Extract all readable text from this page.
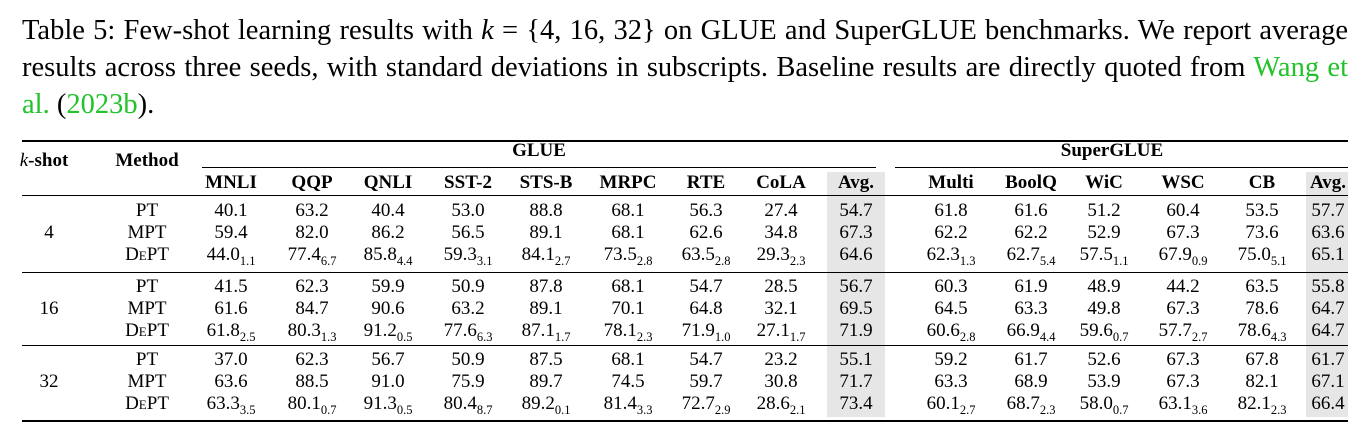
Table 5: Few-shot learning results with k = {4, 16, 32} on GLUE and SuperGLUE benchmarks. We report average results across three seeds, with standard deviations in subscripts. Baseline results are directly quoted from Wang et al. (2023b).
k-shot Method	GLUE	SuperGLUE
MNLI QQP QNLI SST-2 STS-B MRPC RTE CoLA Avg.	Multi BoolQ WiC WSC CB Avg.
4
PT	40.1	63.2 40.4 53.0 88.8	68.1 56.3 27.4 54.7	61.8 61.6 51.2 60.4 53.5 57.7
MPT	59.4	82.0 86.2 56.5 89.1	68.1 62.6 34.8 67.3	62.2 62.2 52.9 67.3 73.6 63.6
DePT $44.0_{1.1}$ $77.4_{6.7}$ $85.8_{4.4}$ $59.3_{3.1}$ $84.1_{2.7}$ $73.5_{2.8}$ $63.5_{2.8}$ $29.3_{2.3}$ 64.6	$62.3_{1.3}$ $62.7_{5.4}$ $57.5_{1.1}$ $67.9_{0.9}$ $75.0_{5.1}$ 65.1
16
PT	41.5	62.3 59.9 50.9 87.8	68.1 54.7 28.5 56.7	60.3 61.9 48.9 44.2 63.5 55.8
MPT	61.6	84.7 90.6 63.2 89.1	70.1 64.8 32.1 69.5	64.5 63.3 49.8 67.3 78.6 64.7
DePT $61.8_{2.5}$ $80.3_{1.3}$ $91.2_{0.5}$ $77.6_{6.3}$ $87.1_{1.7}$ $78.1_{2.3}$ $71.9_{1.0}$ $27.1_{1.7}$ 71.9	$60.6_{2.8}$ $66.9_{4.4}$ $59.6_{0.7}$ $57.7_{2.7}$ $78.6_{4.3}$ 64.7
32
PT	37.0	62.3 56.7 50.9 87.5	68.1 54.7 23.2 55.1	59.2 61.7 52.6 67.3 67.8 61.7
MPT	63.6	88.5 91.0 75.9 89.7	74.5 59.7 30.8 71.7	63.3 68.9 53.9 67.3 82.1 67.1
DePT $63.3_{3.5}$ $80.1_{0.7}$ $91.3_{0.5}$ $80.4_{8.7}$ $89.2_{0.1}$ $81.4_{3.3}$ $72.7_{2.9}$ $28.6_{2.1}$ 73.4	$60.1_{2.7}$ $68.7_{2.3}$ $58.0_{0.7}$ $63.1_{3.6}$ $82.1_{2.3}$ 66.4
